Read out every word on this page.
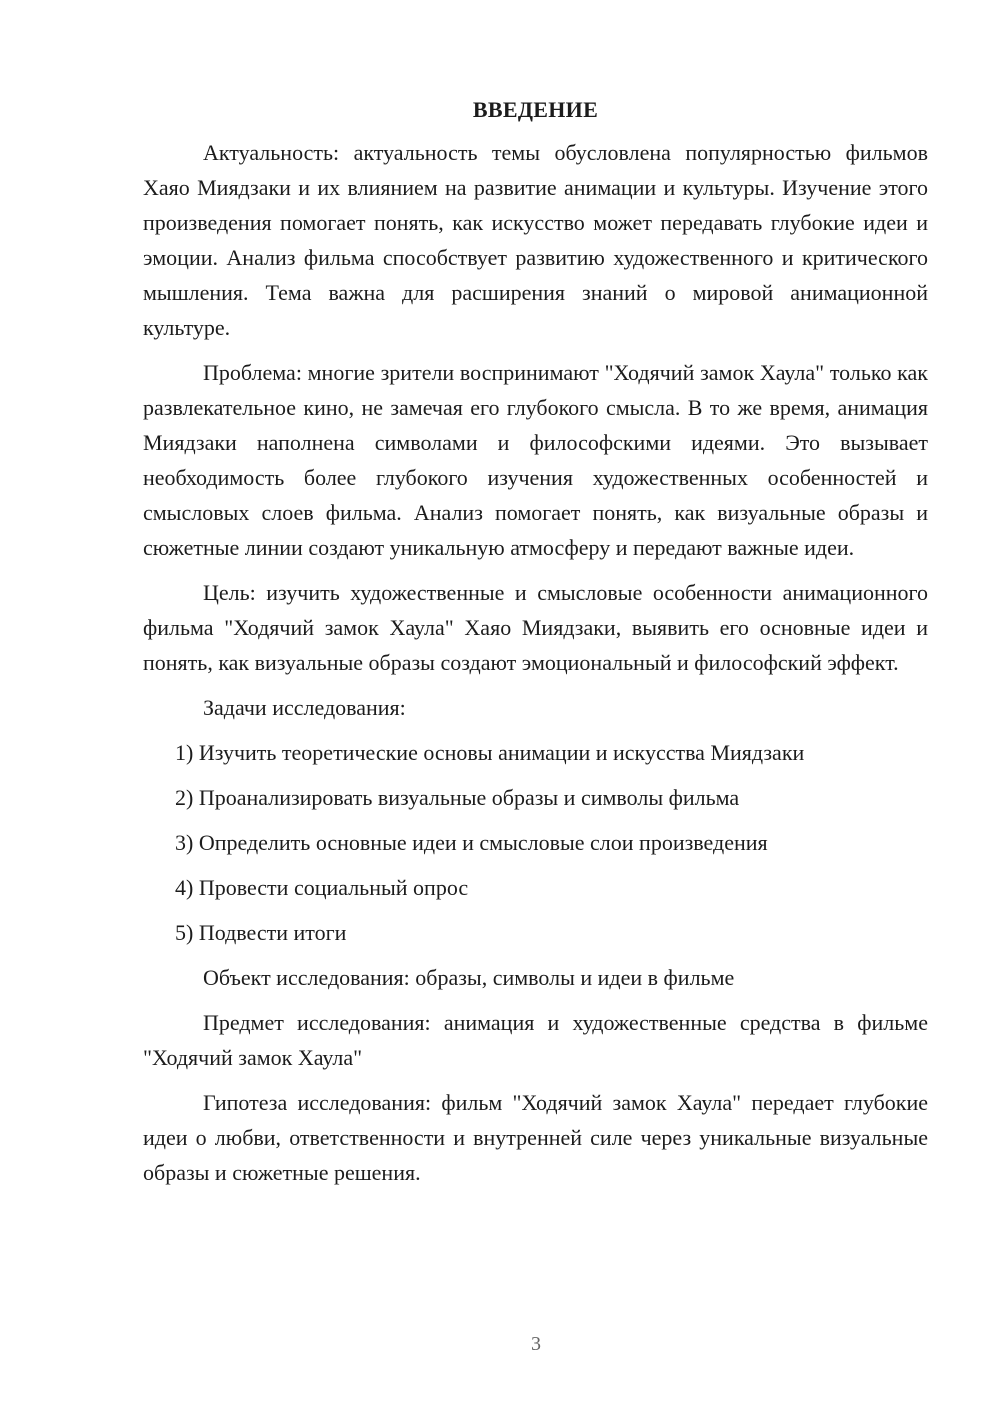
ВВЕДЕНИЕ

Актуальность: актуальность темы обусловлена популярностью фильмов Хаяо Миядзаки и их влиянием на развитие анимации и культуры. Изучение этого произведения помогает понять, как искусство может передавать глубокие идеи и эмоции. Анализ фильма способствует развитию художественного и критического мышления. Тема важна для расширения знаний о мировой анимационной культуре.

Проблема: многие зрители воспринимают "Ходячий замок Хаула" только как развлекательное кино, не замечая его глубокого смысла. В то же время, анимация Миядзаки наполнена символами и философскими идеями. Это вызывает необходимость более глубокого изучения художественных особенностей и смысловых слоев фильма. Анализ помогает понять, как визуальные образы и сюжетные линии создают уникальную атмосферу и передают важные идеи.

Цель: изучить художественные и смысловые особенности анимационного фильма "Ходячий замок Хаула" Хаяо Миядзаки, выявить его основные идеи и понять, как визуальные образы создают эмоциональный и философский эффект.

Задачи исследования:

1) Изучить теоретические основы анимации и искусства Миядзаки
2) Проанализировать визуальные образы и символы фильма
3) Определить основные идеи и смысловые слои произведения
4) Провести социальный опрос
5) Подвести итоги

Объект исследования: образы, символы и идеи в фильме

Предмет исследования: анимация и художественные средства в фильме "Ходячий замок Хаула"

Гипотеза исследования: фильм "Ходячий замок Хаула" передает глубокие идеи о любви, ответственности и внутренней силе через уникальные визуальные образы и сюжетные решения.

3
